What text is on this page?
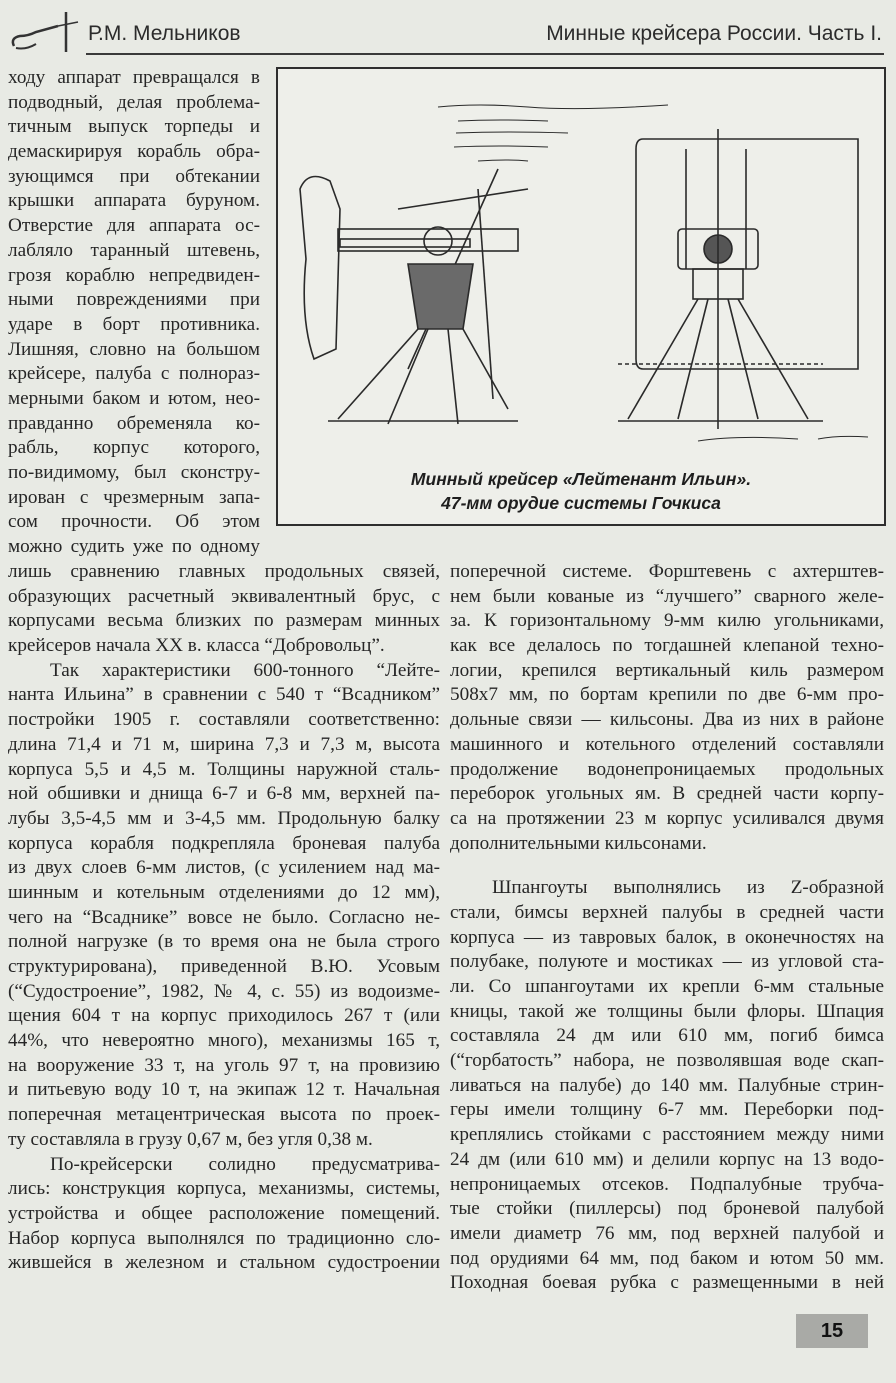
Р.М. Мельников	Минные крейсера России. Часть I.
ходу аппарат превращался в
подводный, делая проблема-
тичным выпуск торпеды и
демаскирируя корабль обра-
зующимся при обтекании
крышки аппарата буруном.
Отверстие для аппарата ос-
лабляло таранный штевень,
грозя кораблю непредвиден-
ными повреждениями при
ударе в борт противника.
Лишняя, словно на большом
крейсере, палуба с полнораз-
мерными баком и ютом, нео-
правданно обременяла ко-
рабль, корпус которого,
по-видимому, был сконстру-
ирован с чрезмерным запа-
сом прочности. Об этом
можно судить уже по одному
Минный крейсер «Лейтенант Ильин».
47-мм орудие системы Гочкиса
лишь сравнению главных продольных связей,
образующих расчетный эквивалентный брус, с
корпусами весьма близких по размерам минных
крейсеров начала XX в. класса “Добровольц”.
Так характеристики 600-тонного “Лейте-
нанта Ильина” в сравнении с 540 т “Всадником”
постройки 1905 г. составляли соответственно:
длина 71,4 и 71 м, ширина 7,3 и 7,3 м, высота
корпуса 5,5 и 4,5 м. Толщины наружной сталь-
ной обшивки и днища 6-7 и 6-8 мм, верхней па-
лубы 3,5-4,5 мм и 3-4,5 мм. Продольную балку
корпуса корабля подкрепляла броневая палуба
из двух слоев 6-мм листов, (с усилением над ма-
шинным и котельным отделениями до 12 мм),
чего на “Всаднике” вовсе не было. Согласно не-
полной нагрузке (в то время она не была строго
структурирована), приведенной В.Ю. Усовым
(“Судостроение”, 1982, № 4, с. 55) из водоизме-
щения 604 т на корпус приходилось 267 т (или
44%, что невероятно много), механизмы 165 т,
на вооружение 33 т, на уголь 97 т, на провизию
и питьевую воду 10 т, на экипаж 12 т. Начальная
поперечная метацентрическая высота по проек-
ту составляла в грузу 0,67 м, без угля 0,38 м.
По-крейсерски солидно предусматрива-
лись: конструкция корпуса, механизмы, системы,
устройства и общее расположение помещений.
Набор корпуса выполнялся по традиционно сло-
жившейся в железном и стальном судостроении
поперечной системе. Форштевень с ахтерштев-
нем были кованые из “лучшего” сварного желе-
за. К горизонтальному 9-мм килю угольниками,
как все делалось по тогдашней клепаной техно-
логии, крепился вертикальный киль размером
508x7 мм, по бортам крепили по две 6-мм про-
дольные связи — кильсоны. Два из них в районе
машинного и котельного отделений составляли
продолжение водонепроницаемых продольных
переборок угольных ям. В средней части корпу-
са на протяжении 23 м корпус усиливался двумя
дополнительными кильсонами.
Шпангоуты выполнялись из Z-образной
стали, бимсы верхней палубы в средней части
корпуса — из тавровых балок, в оконечностях на
полубаке, полуюте и мостиках — из угловой ста-
ли. Со шпангоутами их крепли 6-мм стальные
кницы, такой же толщины были флоры. Шпация
составляла 24 дм или 610 мм, погиб бимса
(“горбатость” набора, не позволявшая воде скап-
ливаться на палубе) до 140 мм. Палубные стрин-
геры имели толщину 6-7 мм. Переборки под-
креплялись стойками с расстоянием между ними
24 дм (или 610 мм) и делили корпус на 13 водо-
непроницаемых отсеков. Подпалубные трубча-
тые стойки (пиллерсы) под броневой палубой
имели диаметр 76 мм, под верхней палубой и
под орудиями 64 мм, под баком и ютом 50 мм.
Походная боевая рубка с размещенными в ней
15
